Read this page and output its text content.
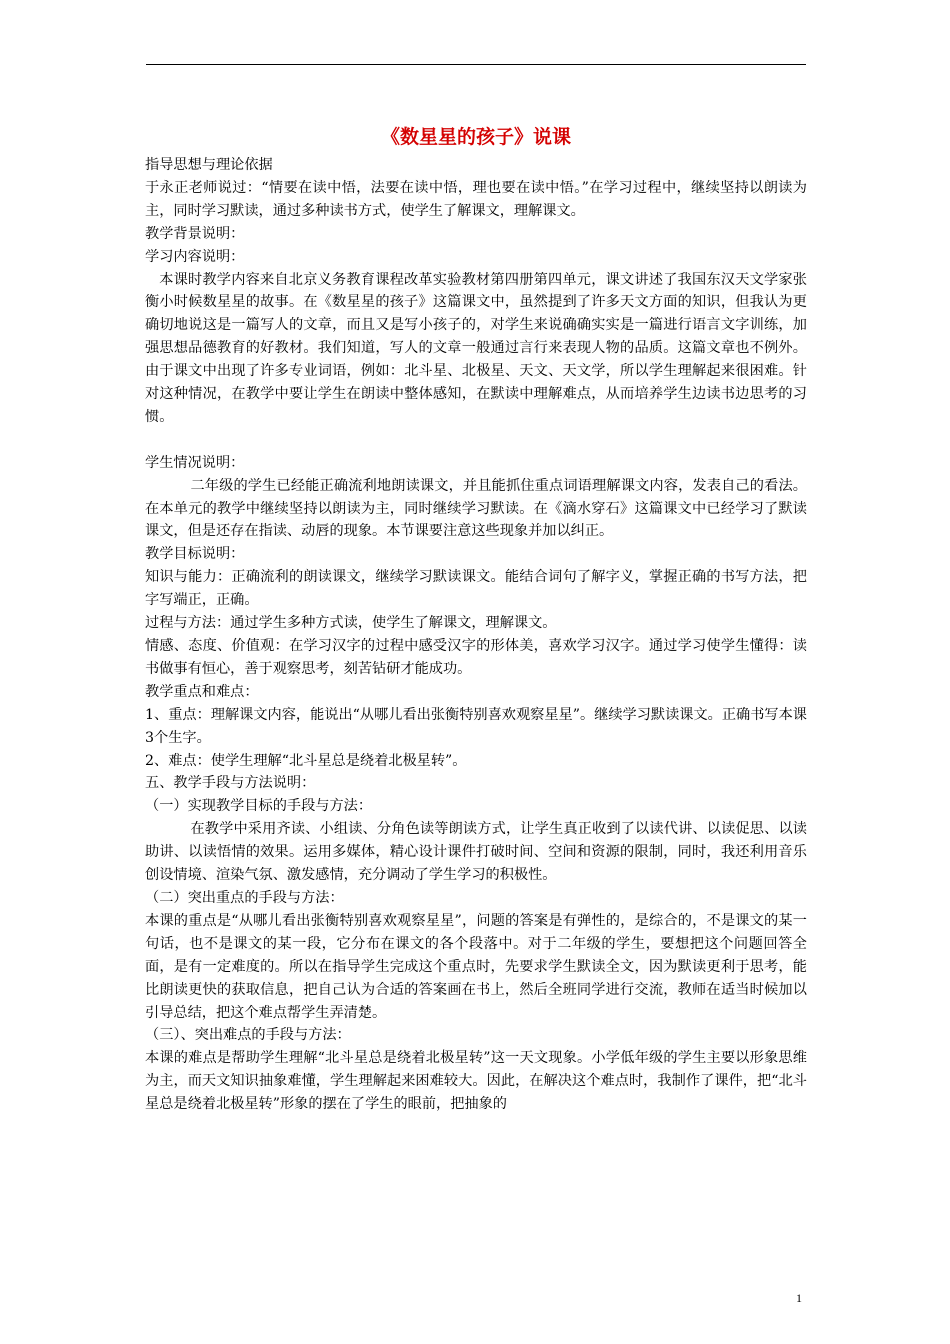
《数星星的孩子》说课

指导思想与理论依据

于永正老师说过：“情要在读中悟，法要在读中悟，理也要在读中悟。”在学习过程中，继续坚持以朗读为主，同时学习默读，通过多种读书方式，使学生了解课文，理解课文。

教学背景说明：

学习内容说明：

本课时教学内容来自北京义务教育课程改革实验教材第四册第四单元，课文讲述了我国东汉天文学家张衡小时候数星星的故事。在《数星星的孩子》这篇课文中，虽然提到了许多天文方面的知识，但我认为更确切地说这是一篇写人的文章，而且又是写小孩子的，对学生来说确确实实是一篇进行语言文字训练，加强思想品德教育的好教材。我们知道，写人的文章一般通过言行来表现人物的品质。这篇文章也不例外。由于课文中出现了许多专业词语，例如：北斗星、北极星、天文、天文学，所以学生理解起来很困难。针对这种情况，在教学中要让学生在朗读中整体感知，在默读中理解难点，从而培养学生边读书边思考的习惯。

学生情况说明：

二年级的学生已经能正确流利地朗读课文，并且能抓住重点词语理解课文内容，发表自己的看法。在本单元的教学中继续坚持以朗读为主，同时继续学习默读。在《滴水穿石》这篇课文中已经学习了默读课文，但是还存在指读、动唇的现象。本节课要注意这些现象并加以纠正。

教学目标说明：

知识与能力：正确流利的朗读课文，继续学习默读课文。能结合词句了解字义，掌握正确的书写方法，把字写端正，正确。

过程与方法：通过学生多种方式读，使学生了解课文，理解课文。

情感、态度、价值观：在学习汉字的过程中感受汉字的形体美，喜欢学习汉字。通过学习使学生懂得：读书做事有恒心，善于观察思考，刻苦钻研才能成功。

教学重点和难点：

1、重点：理解课文内容，能说出“从哪儿看出张衡特别喜欢观察星星”。继续学习默读课文。正确书写本课3个生字。

2、难点：使学生理解“北斗星总是绕着北极星转”。

五、教学手段与方法说明：

（一）实现教学目标的手段与方法：

在教学中采用齐读、小组读、分角色读等朗读方式，让学生真正收到了以读代讲、以读促思、以读助讲、以读悟情的效果。运用多媒体，精心设计课件打破时间、空间和资源的限制，同时，我还利用音乐创设情境、渲染气氛、激发感情，充分调动了学生学习的积极性。

（二）突出重点的手段与方法：

本课的重点是“从哪儿看出张衡特别喜欢观察星星”，问题的答案是有弹性的，是综合的，不是课文的某一句话，也不是课文的某一段，它分布在课文的各个段落中。对于二年级的学生，要想把这个问题回答全面，是有一定难度的。所以在指导学生完成这个重点时，先要求学生默读全文，因为默读更利于思考，能比朗读更快的获取信息，把自己认为合适的答案画在书上，然后全班同学进行交流，教师在适当时候加以引导总结，把这个难点帮学生弄清楚。

（三）、突出难点的手段与方法：

本课的难点是帮助学生理解“北斗星总是绕着北极星转”这一天文现象。小学低年级的学生主要以形象思维为主，而天文知识抽象难懂，学生理解起来困难较大。因此，在解决这个难点时，我制作了课件，把“北斗星总是绕着北极星转”形象的摆在了学生的眼前，把抽象的

1
